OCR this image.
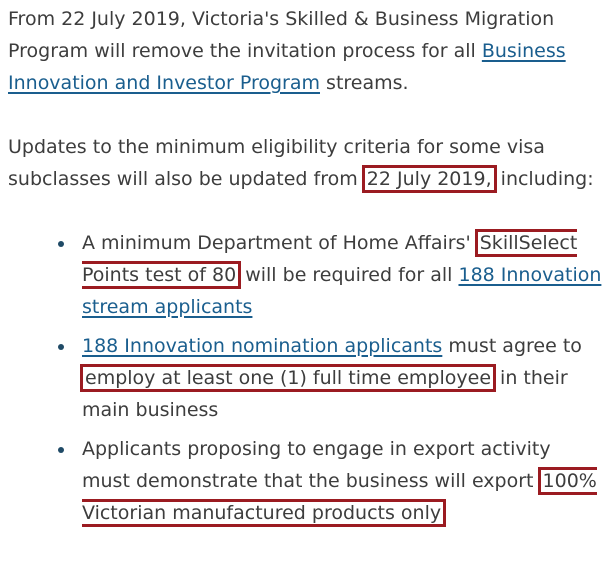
From 22 July 2019, Victoria's Skilled & Business Migration Program will remove the invitation process for all Business Innovation and Investor Program streams.

Updates to the minimum eligibility criteria for some visa subclasses will also be updated from 22 July 2019, including:

A minimum Department of Home Affairs' SkillSelect Points test of 80 will be required for all 188 Innovation stream applicants
188 Innovation nomination applicants must agree to employ at least one (1) full time employee in their main business
Applicants proposing to engage in export activity must demonstrate that the business will export 100% Victorian manufactured products only
